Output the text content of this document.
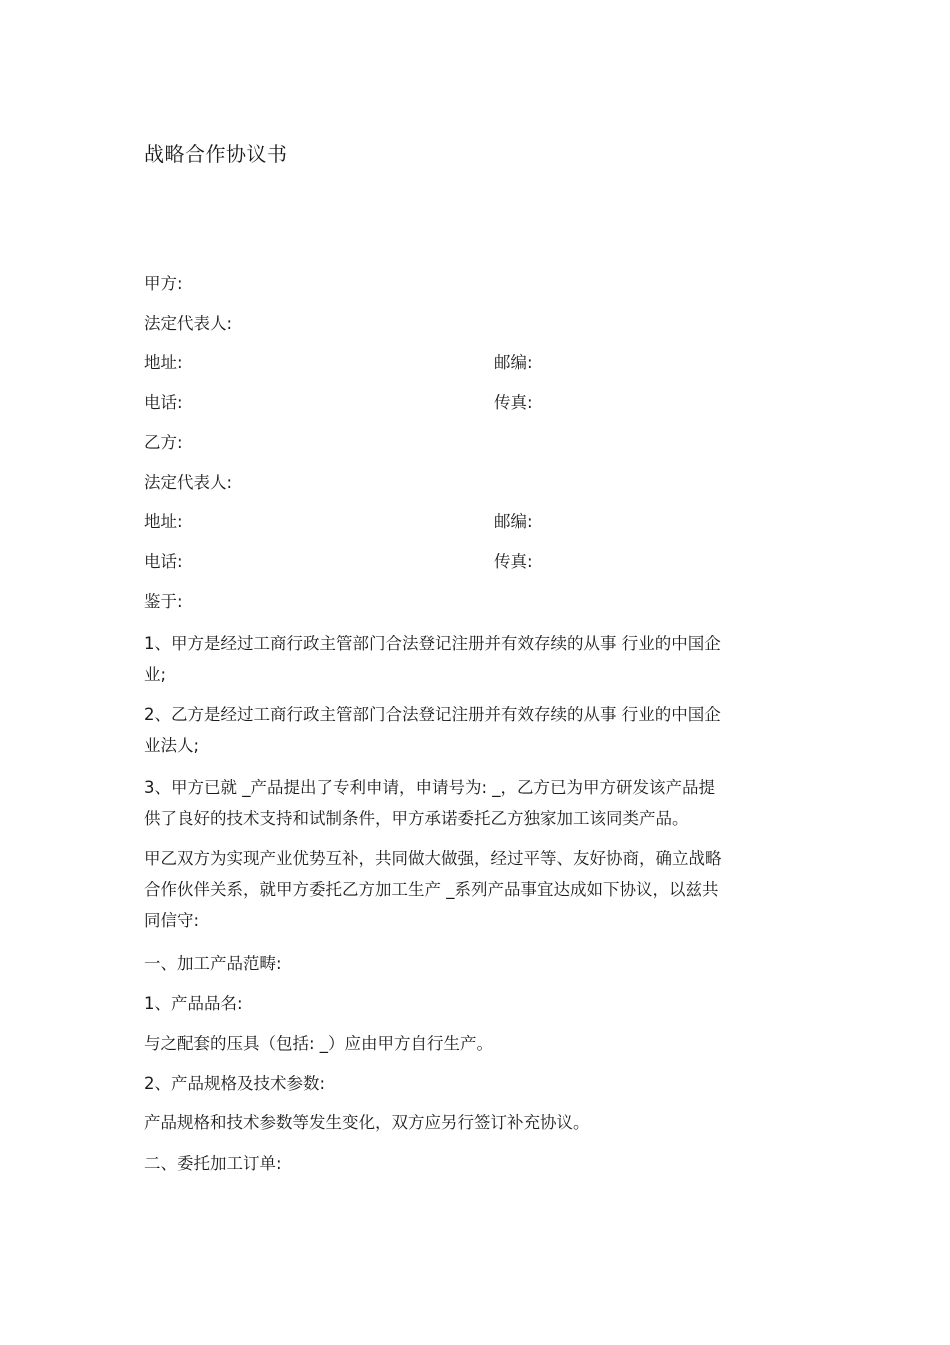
战略合作协议书
甲方:
法定代表人:
地址:	邮编:
电话:	传真:
乙方:
法定代表人:
地址:	邮编:
电话:	传真:
鉴于:
1、甲方是经过工商行政主管部门合法登记注册并有效存续的从事 行业的中国企
业;
2、乙方是经过工商行政主管部门合法登记注册并有效存续的从事 行业的中国企
业法人;
3、甲方已就 _产品提出了专利申请，申请号为: _，乙方已为甲方研发该产品提
供了良好的技术支持和试制条件，甲方承诺委托乙方独家加工该同类产品。
甲乙双方为实现产业优势互补，共同做大做强，经过平等、友好协商，确立战略
合作伙伴关系，就甲方委托乙方加工生产 _系列产品事宜达成如下协议，以兹共
同信守:
一、加工产品范畴:
1、产品品名:
与之配套的压具（包括: _）应由甲方自行生产。
2、产品规格及技术参数:
产品规格和技术参数等发生变化，双方应另行签订补充协议。
二、委托加工订单:
